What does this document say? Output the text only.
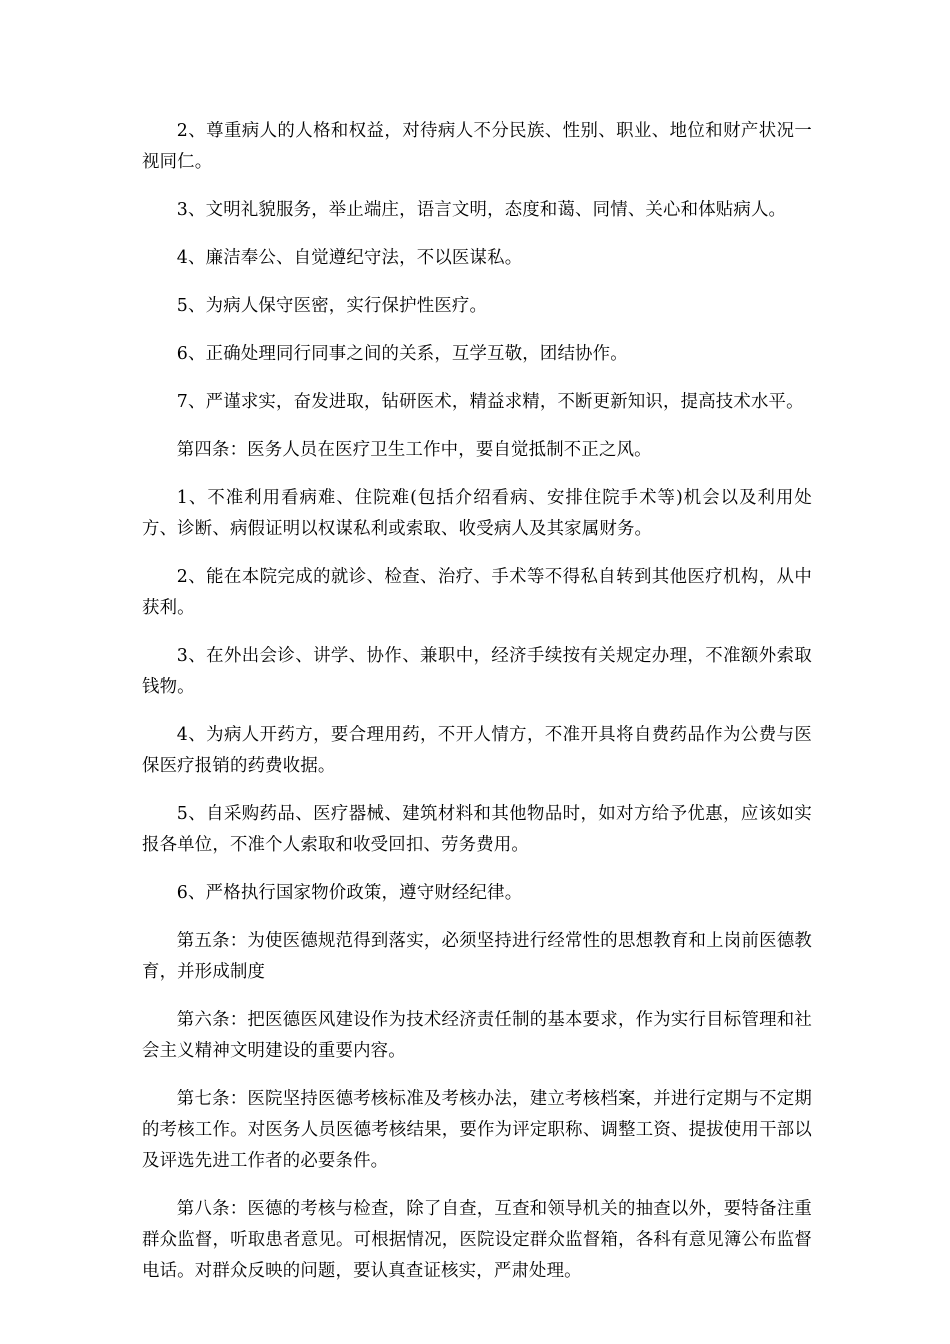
2、尊重病人的人格和权益，对待病人不分民族、性别、职业、地位和财产状况一视同仁。

3、文明礼貌服务，举止端庄，语言文明，态度和蔼、同情、关心和体贴病人。

4、廉洁奉公、自觉遵纪守法，不以医谋私。

5、为病人保守医密，实行保护性医疗。

6、正确处理同行同事之间的关系，互学互敬，团结协作。

7、严谨求实，奋发进取，钻研医术，精益求精，不断更新知识，提高技术水平。

第四条：医务人员在医疗卫生工作中，要自觉抵制不正之风。

1、不准利用看病难、住院难(包括介绍看病、安排住院手术等)机会以及利用处方、诊断、病假证明以权谋私利或索取、收受病人及其家属财务。

2、能在本院完成的就诊、检查、治疗、手术等不得私自转到其他医疗机构，从中获利。

3、在外出会诊、讲学、协作、兼职中，经济手续按有关规定办理，不准额外索取钱物。

4、为病人开药方，要合理用药，不开人情方，不准开具将自费药品作为公费与医保医疗报销的药费收据。

5、自采购药品、医疗器械、建筑材料和其他物品时，如对方给予优惠，应该如实报各单位，不准个人索取和收受回扣、劳务费用。

6、严格执行国家物价政策，遵守财经纪律。

第五条：为使医德规范得到落实，必须坚持进行经常性的思想教育和上岗前医德教育，并形成制度

第六条：把医德医风建设作为技术经济责任制的基本要求，作为实行目标管理和社会主义精神文明建设的重要内容。

第七条：医院坚持医德考核标准及考核办法，建立考核档案，并进行定期与不定期的考核工作。对医务人员医德考核结果，要作为评定职称、调整工资、提拔使用干部以及评选先进工作者的必要条件。

第八条：医德的考核与检查，除了自查，互查和领导机关的抽查以外，要特备注重群众监督，听取患者意见。可根据情况，医院设定群众监督箱，各科有意见簿公布监督电话。对群众反映的问题，要认真查证核实，严肃处理。
